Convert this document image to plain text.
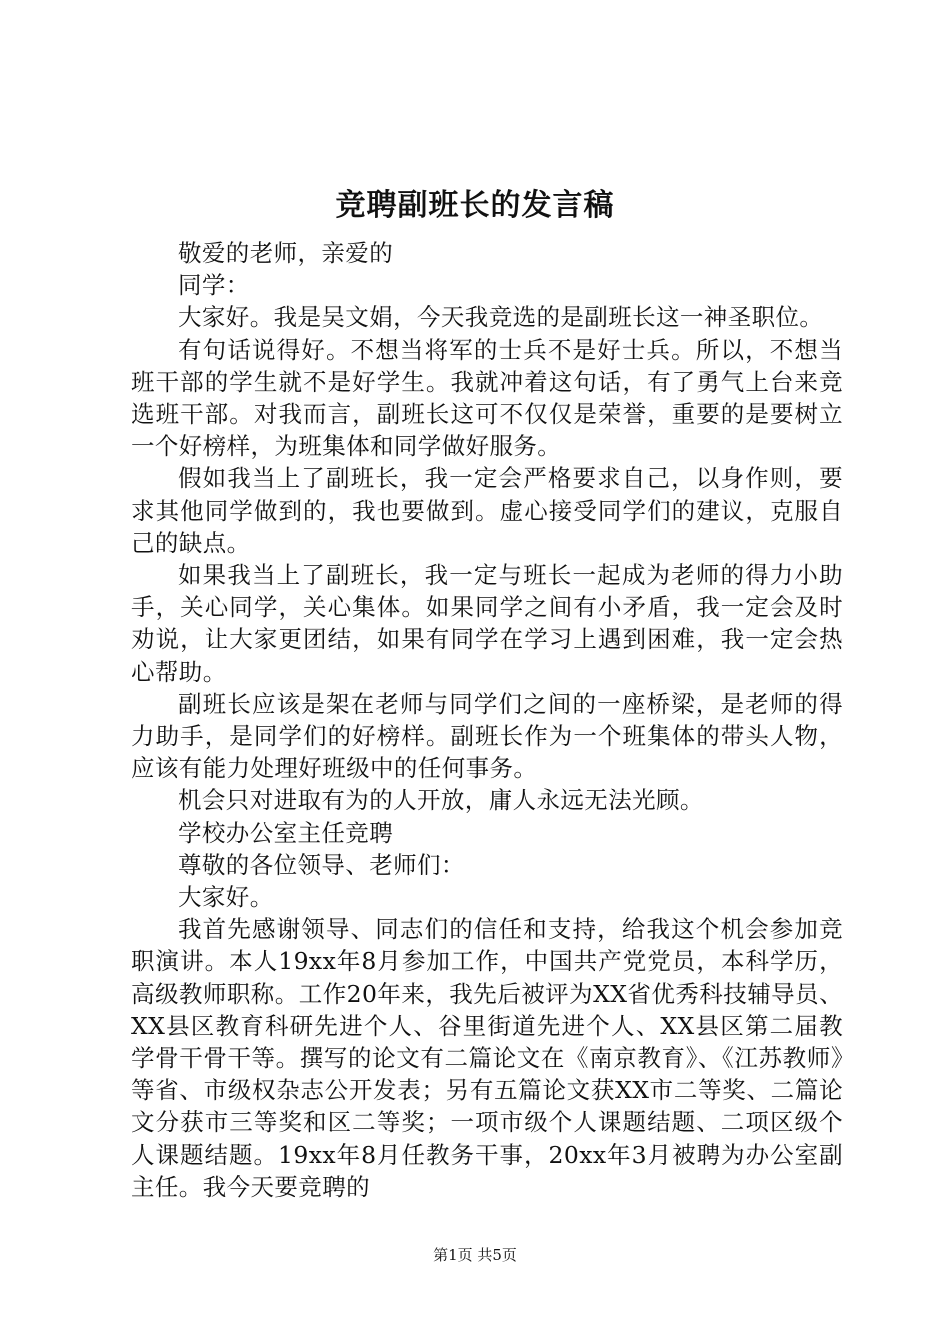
竞聘副班长的发言稿

敬爱的老师，亲爱的

同学：

大家好。我是吴文娟，今天我竞选的是副班长这一神圣职位。

有句话说得好。不想当将军的士兵不是好士兵。所以，不想当班干部的学生就不是好学生。我就冲着这句话，有了勇气上台来竞选班干部。对我而言，副班长这可不仅仅是荣誉，重要的是要树立一个好榜样，为班集体和同学做好服务。

假如我当上了副班长，我一定会严格要求自己，以身作则，要求其他同学做到的，我也要做到。虚心接受同学们的建议，克服自己的缺点。

如果我当上了副班长，我一定与班长一起成为老师的得力小助手，关心同学，关心集体。如果同学之间有小矛盾，我一定会及时劝说，让大家更团结，如果有同学在学习上遇到困难，我一定会热心帮助。

副班长应该是架在老师与同学们之间的一座桥梁，是老师的得力助手，是同学们的好榜样。副班长作为一个班集体的带头人物，应该有能力处理好班级中的任何事务。

机会只对进取有为的人开放，庸人永远无法光顾。

学校办公室主任竞聘

尊敬的各位领导、老师们：

大家好。

我首先感谢领导、同志们的信任和支持，给我这个机会参加竞职演讲。本人19xx年8月参加工作，中国共产党党员，本科学历，高级教师职称。工作20年来，我先后被评为XX省优秀科技辅导员、XX县区教育科研先进个人、谷里街道先进个人、XX县区第二届教学骨干骨干等。撰写的论文有二篇论文在《南京教育》、《江苏教师》等省、市级权杂志公开发表；另有五篇论文获XX市二等奖、二篇论文分获市三等奖和区二等奖；一项市级个人课题结题、二项区级个人课题结题。19xx年8月任教务干事，20xx年3月被聘为办公室副主任。我今天要竞聘的

第1页 共5页
